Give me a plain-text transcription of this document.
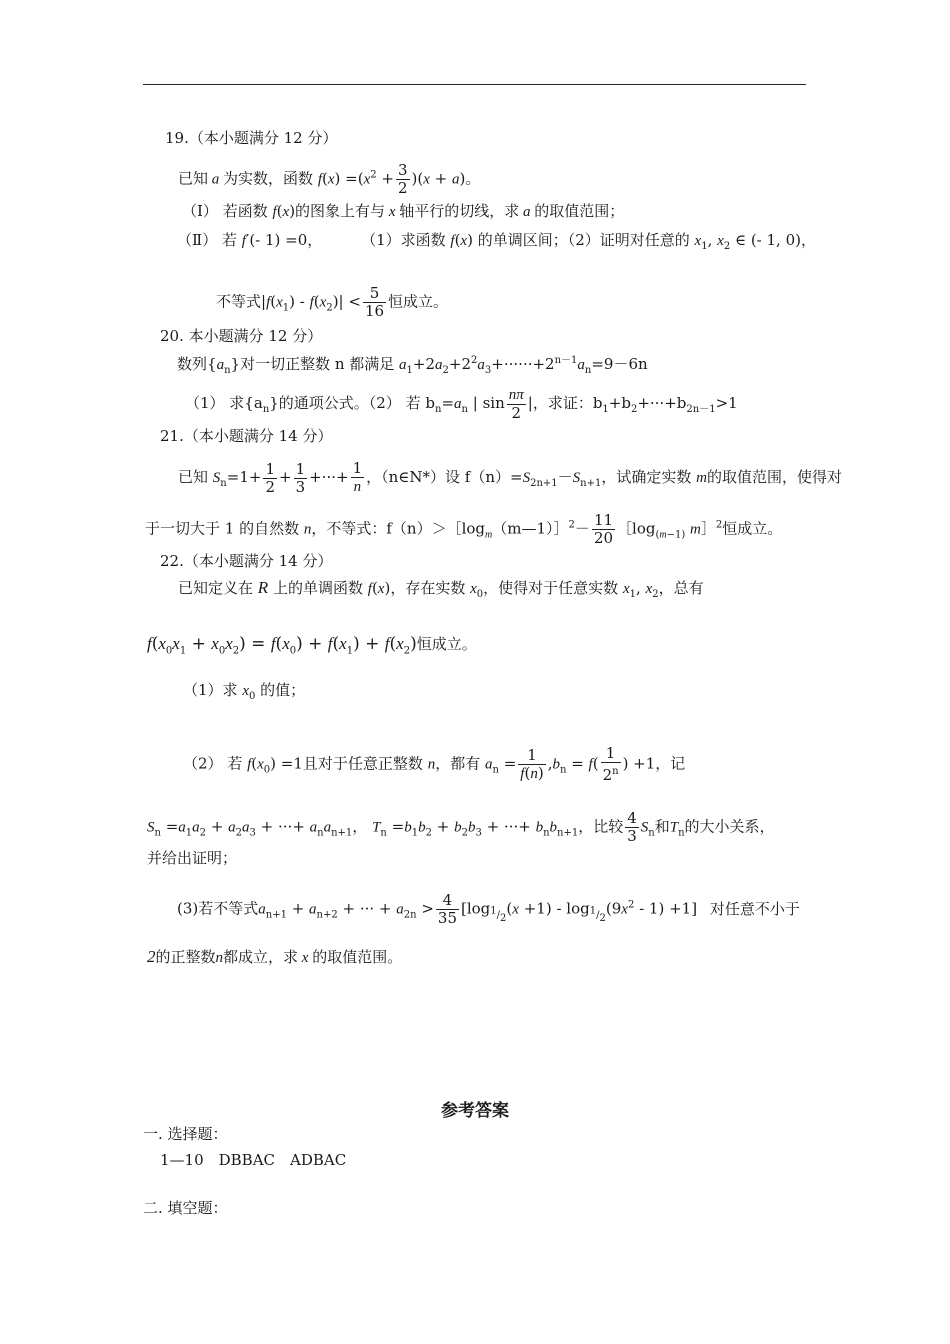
19.（本小题满分 12 分）
已知 a 为实数，函数 $f(x) =(x^2 + \frac{3}{2} )(x + a)$。
（Ⅰ） 若函数 f(x)的图象上有与 x 轴平行的切线，求 a 的取值范围；
（Ⅱ） 若 f′(- 1) =0， （1）求函数 f(x) 的单调区间；（2）证明对任意的 $x_1$, $x_2$ ∈ (- 1, 0)，
不等式$|f(x_1) - f(x_2)| < \frac{5}{16}$ 恒成立。
20. 本小题满分 12 分）
数列$\{a_n\}$对一切正整数 n 都满足 $a_1+2a_2+2^2a_3+\cdot\cdot\cdot\cdot\cdot\cdot+2^{n-1}a_n=9-6n$
（1） 求$\{a_n\}$的通项公式。（2） 若 $b_n=a_n$ | $\sin \frac{n\pi}{2}$ |，求证：$b_1+b_2+\cdot\cdot\cdot+b_{2n-1}>1$
21.（本小题满分 14 分）
已知 $S_n=1+ \frac{1}{2} + \frac{1}{3}$ +···+ $\frac{1}{n}$ ，（n∈N*）设 $f(n)=S_{2n+1}-S_{n+1}$，试确定实数 m的取值范围，使得对
于一切大于 1 的自然数 n，不等式：$f(n)>[\log_m(m—1)]^2- \frac{11}{20}$ $[\log_{(m-1)}$ m］$^2$恒成立。
22.（本小题满分 14 分）
已知定义在 R 上的单调函数 f(x)，存在实数 $x_0$，使得对于任意实数 $x_1$, $x_2$，总有
$f(x_0x_1 + x_0x_2) = f(x_0) + f(x_1) + f(x_2)$恒成立。
（1）求 $x_0$ 的值；
（2） 若 $f(x_0) =1$且对于任意正整数 n，都有 $a_n = \frac{1}{f(n)} ,b_n = f( \frac{1}{2^n}$ ) +1，记
$S_n =a_1a_2 + a_2a_3$ + ···+ $a_na_{n+1}$， $T_n =b_1b_2 + b_2b_3$ + ···+ $b_nb_{n+1}$，比较 $\frac{4}{3} S_n$和$T_n$的大小关系，
并给出证明；
(3)若不等式$a_{n+1} + a_{n+2}$ + ··· + $a_{2n} > \frac{4}{35} [\log_{^1/_2}(x +1) - \log_{^1/_2}(9x^2 - 1) +1]$ 对任意不小于
2的正整数n都成立，求 x 的取值范围。
参考答案
一. 选择题：
1—10　DBBAC　ADBAC
二. 填空题：
